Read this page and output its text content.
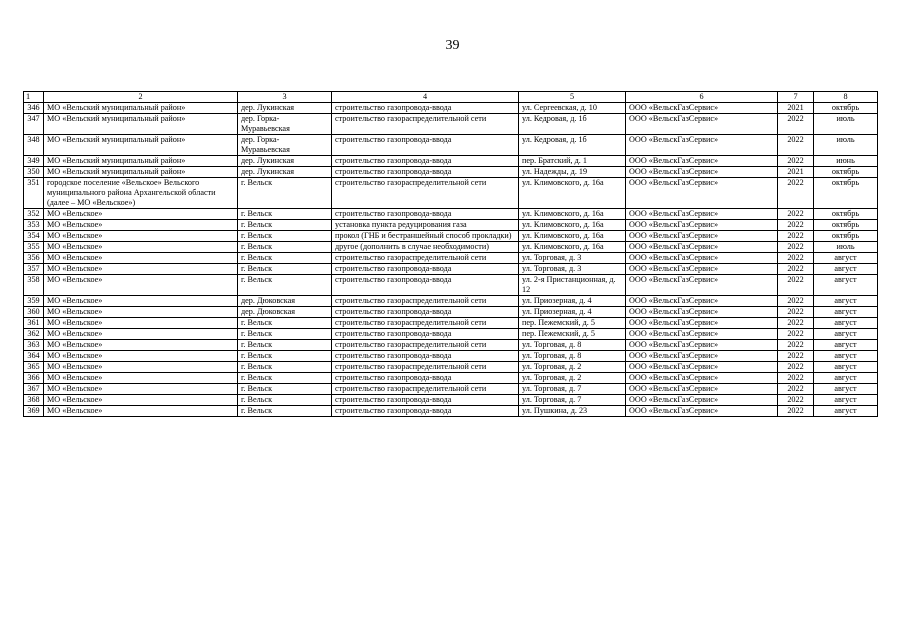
39
1	2	3	4	5	6	7	8
346	МО «Вельский муниципальный район»	дер. Лукинская	строительство газопровода-ввода	ул. Сергеевская, д. 10	ООО «ВельскГазСервис»	2021	октябрь
347	МО «Вельский муниципальный район»	дер. Горка-Муравьевская	строительство газораспределительной сети	ул. Кедровая, д. 1б	ООО «ВельскГазСервис»	2022	июль
348	МО «Вельский муниципальный район»	дер. Горка-Муравьевская	строительство газопровода-ввода	ул. Кедровая, д. 1б	ООО «ВельскГазСервис»	2022	июль
349	МО «Вельский муниципальный район»	дер. Лукинская	строительство газопровода-ввода	пер. Братский, д. 1	ООО «ВельскГазСервис»	2022	июнь
350	МО «Вельский муниципальный район»	дер. Лукинская	строительство газопровода-ввода	ул. Надежды, д. 19	ООО «ВельскГазСервис»	2021	октябрь
351	городское поселение «Вельское» Вельского муниципального района Архангельской области (далее – МО «Вельское»)	г. Вельск	строительство газораспределительной сети	ул. Климовского, д. 16а	ООО «ВельскГазСервис»	2022	октябрь
352	МО «Вельское»	г. Вельск	строительство газопровода-ввода	ул. Климовского, д. 16а	ООО «ВельскГазСервис»	2022	октябрь
353	МО «Вельское»	г. Вельск	установка пункта редуцирования газа	ул. Климовского, д. 16а	ООО «ВельскГазСервис»	2022	октябрь
354	МО «Вельское»	г. Вельск	прокол (ГНБ и бестраншейный способ прокладки)	ул. Климовского, д. 16а	ООО «ВельскГазСервис»	2022	октябрь
355	МО «Вельское»	г. Вельск	другое (дополнить в случае необходимости)	ул. Климовского, д. 16а	ООО «ВельскГазСервис»	2022	июль
356	МО «Вельское»	г. Вельск	строительство газораспределительной сети	ул. Торговая, д. 3	ООО «ВельскГазСервис»	2022	август
357	МО «Вельское»	г. Вельск	строительство газопровода-ввода	ул. Торговая, д. 3	ООО «ВельскГазСервис»	2022	август
358	МО «Вельское»	г. Вельск	строительство газопровода-ввода	ул. 2-я Пристанционная, д. 12	ООО «ВельскГазСервис»	2022	август
359	МО «Вельское»	дер. Дюковская	строительство газораспределительной сети	ул. Приозерная, д. 4	ООО «ВельскГазСервис»	2022	август
360	МО «Вельское»	дер. Дюковская	строительство газопровода-ввода	ул. Приозерная, д. 4	ООО «ВельскГазСервис»	2022	август
361	МО «Вельское»	г. Вельск	строительство газораспределительной сети	пер. Пежемский, д. 5	ООО «ВельскГазСервис»	2022	август
362	МО «Вельское»	г. Вельск	строительство газопровода-ввода	пер. Пежемский, д. 5	ООО «ВельскГазСервис»	2022	август
363	МО «Вельское»	г. Вельск	строительство газораспределительной сети	ул. Торговая, д. 8	ООО «ВельскГазСервис»	2022	август
364	МО «Вельское»	г. Вельск	строительство газопровода-ввода	ул. Торговая, д. 8	ООО «ВельскГазСервис»	2022	август
365	МО «Вельское»	г. Вельск	строительство газораспределительной сети	ул. Торговая, д. 2	ООО «ВельскГазСервис»	2022	август
366	МО «Вельское»	г. Вельск	строительство газопровода-ввода	ул. Торговая, д. 2	ООО «ВельскГазСервис»	2022	август
367	МО «Вельское»	г. Вельск	строительство газораспределительной сети	ул. Торговая, д. 7	ООО «ВельскГазСервис»	2022	август
368	МО «Вельское»	г. Вельск	строительство газопровода-ввода	ул. Торговая, д. 7	ООО «ВельскГазСервис»	2022	август
369	МО «Вельское»	г. Вельск	строительство газопровода-ввода	ул. Пушкина, д. 23	ООО «ВельскГазСервис»	2022	август
